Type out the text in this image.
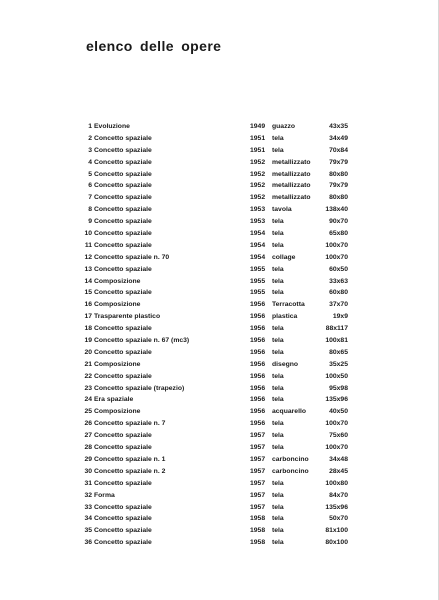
elenco delle opere
1 Evoluzione	1949 guazzo	43x35
2 Concetto spaziale	1951 tela	34x49
3 Concetto spaziale	1951 tela	70x84
4 Concetto spaziale	1952 metallizzato	79x79
5 Concetto spaziale	1952 metallizzato	80x80
6 Concetto spaziale	1952 metallizzato	79x79
7 Concetto spaziale	1952 metallizzato	80x80
8 Concetto spaziale	1953 tavola	138x40
9 Concetto spaziale	1953 tela	90x70
10 Concetto spaziale	1954 tela	65x80
11 Concetto spaziale	1954 tela	100x70
12 Concetto spaziale n. 70	1954 collage	100x70
13 Concetto spaziale	1955 tela	60x50
14 Composizione	1955 tela	33x63
15 Concetto spaziale	1955 tela	60x80
16 Composizione	1956 Terracotta	37x70
17 Trasparente plastico	1956 plastica	19x9
18 Concetto spaziale	1956 tela	88x117
19 Concetto spaziale n. 67 (mc3)	1956 tela	100x81
20 Concetto spaziale	1956 tela	80x65
21 Composizione	1956 disegno	35x25
22 Concetto spaziale	1956 tela	100x50
23 Concetto spaziale (trapezio)	1956 tela	95x98
24 Era spaziale	1956 tela	135x96
25 Composizione	1956 acquarello	40x50
26 Concetto spaziale n. 7	1956 tela	100x70
27 Concetto spaziale	1957 tela	75x60
28 Concetto spaziale	1957 tela	100x70
29 Concetto spaziale n. 1	1957 carboncino	34x48
30 Concetto spaziale n. 2	1957 carboncino	28x45
31 Concetto spaziale	1957 tela	100x80
32 Forma	1957 tela	84x70
33 Concetto spaziale	1957 tela	135x96
34 Concetto spaziale	1958 tela	50x70
35 Concetto spaziale	1958 tela	81x100
36 Concetto spaziale	1958 tela	80x100
